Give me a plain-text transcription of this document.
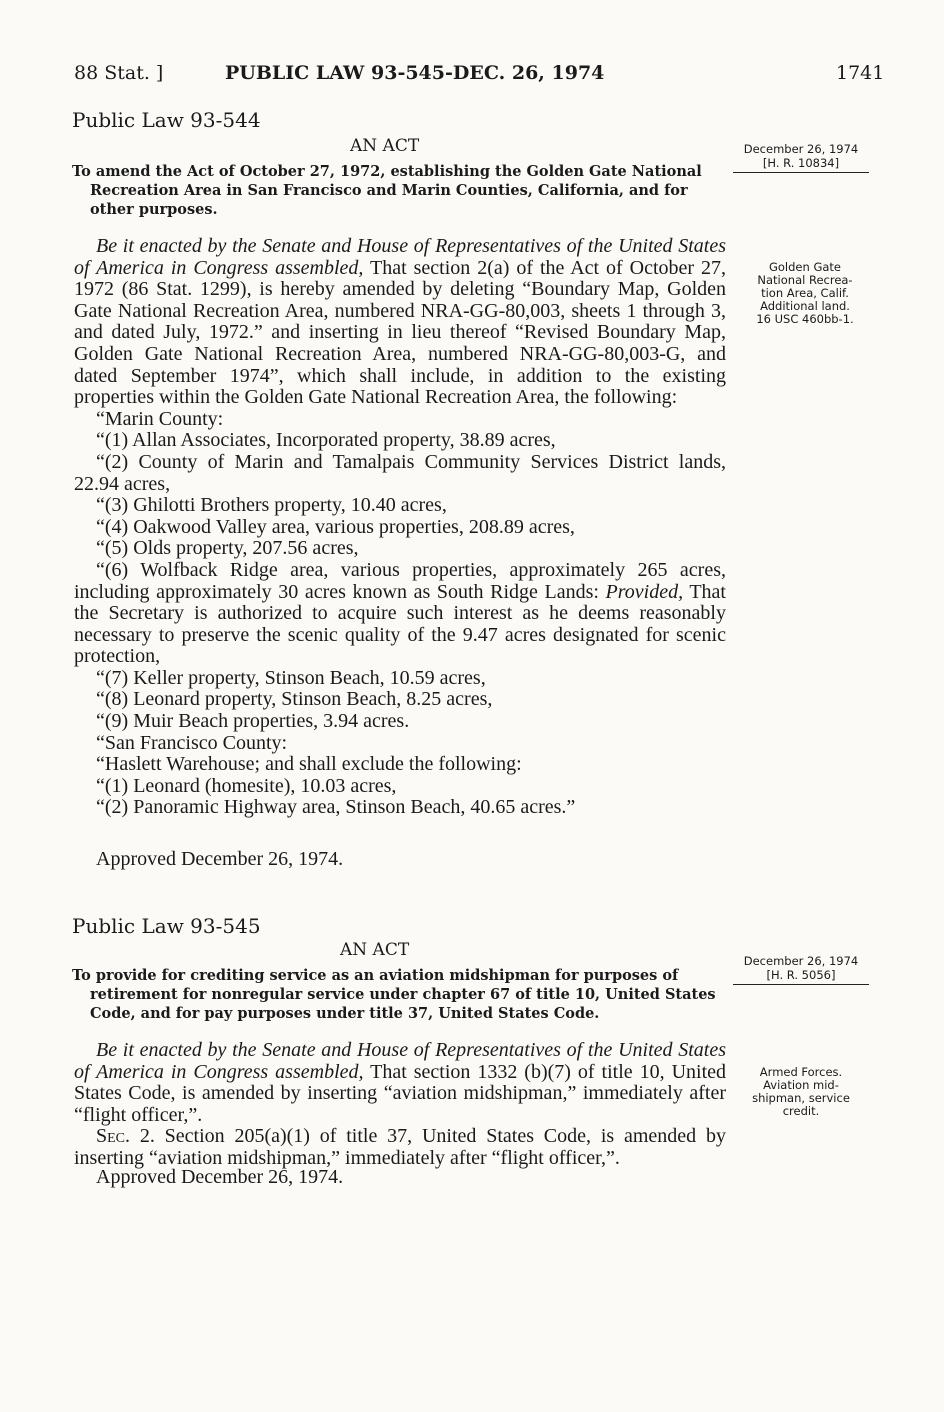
88 Stat. ]	PUBLIC LAW 93-545-DEC. 26, 1974	1741
Public Law 93-544
AN ACT	December 26, 1974
[H. R. 10834]
To amend the Act of October 27, 1972, establishing the Golden Gate National
Recreation Area in San Francisco and Marin Counties, California, and for
other purposes.
Golden Gate
National Recrea-
tion Area, Calif.
Additional land.
16 USC 460bb-1.

Be it enacted by the Senate and House of Representatives of the United States of America in Congress assembled, That section 2(a) of the Act of October 27, 1972 (86 Stat. 1299), is hereby amended by deleting “Boundary Map, Golden Gate National Recreation Area, numbered NRA-GG-80,003, sheets 1 through 3, and dated July, 1972.” and inserting in lieu thereof “Revised Boundary Map, Golden Gate National Recreation Area, numbered NRA-GG-80,003-G, and dated September 1974”, which shall include, in addition to the existing properties within the Golden Gate National Recreation Area, the following:

“Marin County:

“(1) Allan Associates, Incorporated property, 38.89 acres,

“(2) County of Marin and Tamalpais Community Services District lands, 22.94 acres,

“(3) Ghilotti Brothers property, 10.40 acres,

“(4) Oakwood Valley area, various properties, 208.89 acres,

“(5) Olds property, 207.56 acres,

“(6) Wolfback Ridge area, various properties, approximately 265 acres, including approximately 30 acres known as South Ridge Lands: Provided, That the Secretary is authorized to acquire such interest as he deems reasonably necessary to preserve the scenic quality of the 9.47 acres designated for scenic protection,

“(7) Keller property, Stinson Beach, 10.59 acres,

“(8) Leonard property, Stinson Beach, 8.25 acres,

“(9) Muir Beach properties, 3.94 acres.

“San Francisco County:

“Haslett Warehouse; and shall exclude the following:

“(1) Leonard (homesite), 10.03 acres,

“(2) Panoramic Highway area, Stinson Beach, 40.65 acres.”

Approved December 26, 1974.
Public Law 93-545
AN ACT
December 26, 1974
[H. R. 5056]
To provide for crediting service as an aviation midshipman for purposes of
retirement for nonregular service under chapter 67 of title 10, United States
Code, and for pay purposes under title 37, United States Code.
Armed Forces.
Aviation mid-
shipman, service
credit.

Be it enacted by the Senate and House of Representatives of the United States of America in Congress assembled, That section 1332 (b)(7) of title 10, United States Code, is amended by inserting “aviation midshipman,” immediately after “flight officer,”.

Sec. 2. Section 205(a)(1) of title 37, United States Code, is amended by inserting “aviation midshipman,” immediately after “flight officer,”.

Approved December 26, 1974.
